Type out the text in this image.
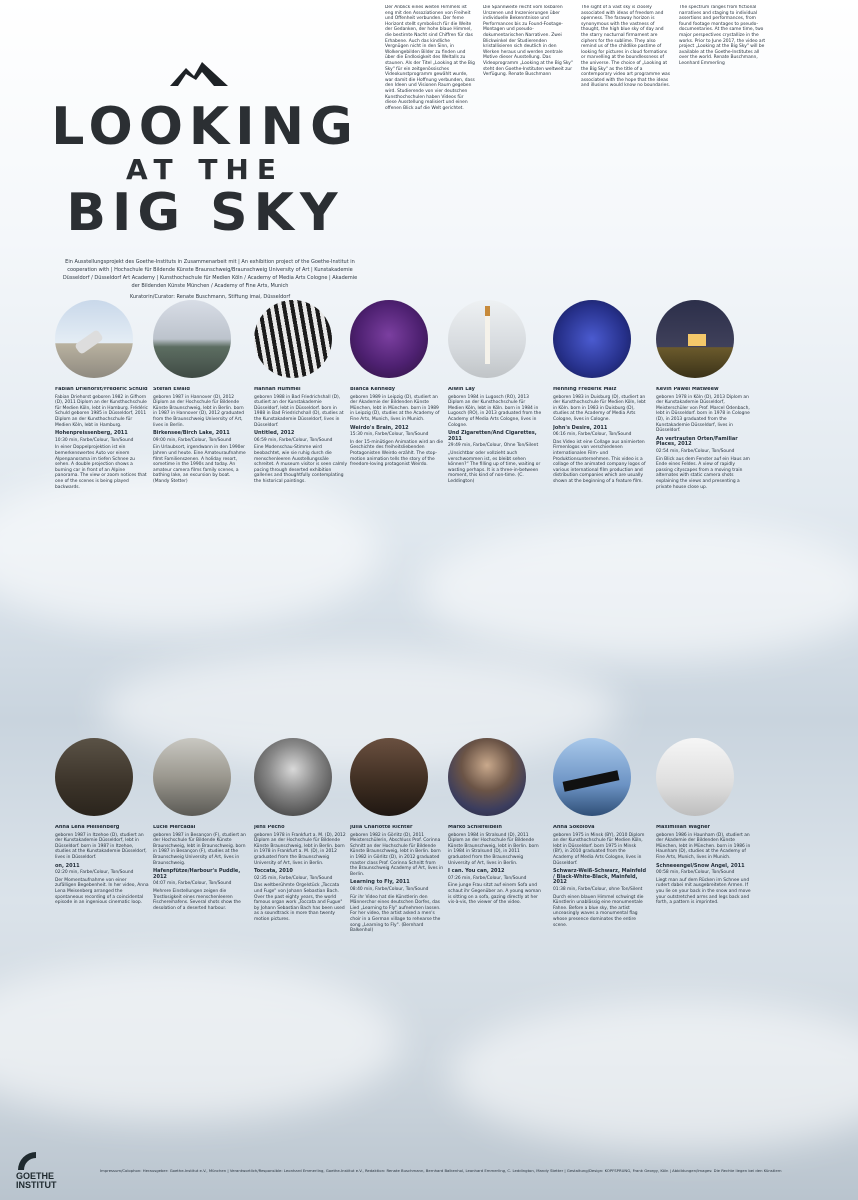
LOOKING
AT THE
BIG SKY

Ein Ausstellungsprojekt des Goethe-Instituts in Zusammenarbeit mit | An exhibition project of the Goethe-Institut in cooperation with | Hochschule für Bildende Künste Braunschweig/Braunschweig University of Art | Kunstakademie Düsseldorf / Düsseldorf Art Academy | Kunsthochschule für Medien Köln / Academy of Media Arts Cologne | Akademie der Bildenden Künste München / Academy of Fine Arts, Munich

Kuratorin/Curator: Renate Buschmann, Stiftung imai, Düsseldorf

Der Anblick eines weiten Himmels ist eng mit den Assoziationen von Freiheit und Offenheit verbunden. Der ferne Horizont stellt symbolisch für die Weite der Gedanken, der hohe blaue Himmel, die bestirnte Nacht sind Chiffren für das Erhabene. Auch das kindliche Vergnügen nicht in den Sinn, in Wolkengebilden Bilder zu finden und über die Endlosigkeit des Weltalls zu staunen. Als der Titel „Looking at the Big Sky" für ein zeitgenössisches Videokunstprogramm gewählt wurde, war damit die Hoffnung verbunden, dass den Ideen und Visionen Raum gegeben wird. Studierende von vier deutschen Kunsthochschulen haben Videos für diese Ausstellung realisiert und einen offenen Blick auf die Welt gerichtet.

Die Spannweite reicht vom lösbaren Urszenen und Inszenierungen über individuelle Bekenntnisse und Performances bis zu Found-Footage-Montagen und pseudo-dokumentarischen Narrativen. Zwei Blickwinkel der Studierenden kristallisieren sich deutlich in den Werken heraus und werden zentrale Motive dieser Ausstellung. Das Videoprogramm „Looking at the Big Sky" steht den Goethe-Instituten weltweit zur Verfügung. Renate Buschmann

The sight of a vast sky is closely associated with ideas of freedom and openness. The faraway horizon is synonymous with the vastness of thought, the high blue sky of day and the starry nocturnal firmament are ciphers for the sublime. They also remind us of the childlike pastime of looking for pictures in cloud formations or marvelling at the boundlessness of the universe. The choice of „Looking at the Big Sky" as the title of a contemporary video art programme was associated with the hope that the ideas and illusions would know no boundaries.

The spectrum ranges from fictional narratives and staging to individual assertions and performances, from found footage montages to pseudo-documentaries. At the same time, two major perspectives crystallize in the works. Prior to June 2017, the video art project „Looking at the Big Sky" will be available at the Goethe-Institutes all over the world. Renate Buschmann, Leonhard Emmerling

Fabian Driehorst/Frédéric Schuld

Fabian Driehorst geboren 1982 in Gifhorn (D), 2011 Diplom an der Kunsthochschule für Medien Köln, lebt in Hamburg. Frédéric Schuld geboren 1985 in Düsseldorf, 2011 Diplom an der Kunsthochschule für Medien Köln, lebt in Hamburg.

Hohenpreissenberg, 2011
10:30 min, Farbe/Colour, Ton/Sound

In einer Doppelprojektion ist ein bemerkenswertes Auto vor einem Alpenpanorama im tiefen Schnee zu sehen. A double projection shows a burning car in front of an Alpine panorama. The view or zoom notices that one of the scenes is being played backwards.

Stefan Ewald

geboren 1987 in Hannover (D), 2012 Diplom an der Hochschule für Bildende Künste Braunschweig, lebt in Berlin. born in 1987 in Hannover (D), 2012 graduated from the Braunschweig University of Art, lives in Berlin.

Birkensee/Birch Lake, 2011
09:00 min, Farbe/Colour, Ton/Sound

Ein Urlaubsort, irgendwann in den 1990er Jahren und heute. Eine Amateuraufnahme filmt Familienszenen. A holiday resort, sometime in the 1990s and today. An amateur camera films family scenes, a bathing lake, an excursion by boat. (Mandy Stetter)

Hannah Hummel

geboren 1988 in Bad Friedrichshall (D), studiert an der Kunstakademie Düsseldorf, lebt in Düsseldorf. born in 1988 in Bad Friedrichshall (D), studies at the Kunstakademie Düsseldorf, lives in Düsseldorf.

Untitled, 2012
06:59 min, Farbe/Colour, Ton/Sound

Eine Modenschau-Stimme wird beobachtet, wie sie ruhig durch die menschenleeren Ausstellungssäle schreitet. A museum visitor is seen calmly pacing through deserted exhibition galleries and thoughtfully contemplating the historical paintings.

Bianca Kennedy

geboren 1989 in Leipzig (D), studiert an der Akademie der Bildenden Künste München, lebt in München. born in 1989 in Leipzig (D), studies at the Academy of Fine Arts, Munich, lives in Munich.

Weirdo's Brain, 2012
15:30 min, Farbe/Colour, Ton/Sound

In der 15-minütigen Animation wird an die Geschichte des freiheitsliebenden Protagonisten Weirdo erzählt. The stop-motion animation tells the story of the freedom-loving protagonist Weirdo.

Alwin Lay

geboren 1984 in Lugosch (RO), 2013 Diplom an der Kunsthochschule für Medien Köln, lebt in Köln. born in 1984 in Lugosch (RO), in 2013 graduated from the Academy of Media Arts Cologne, lives in Cologne.

Und Zigaretten/And Cigarettes, 2011
29:49 min, Farbe/Colour, Ohne Ton/Silent

„Unsichtbar oder vollzieht auch verschwommen ist, es bleibt sehen können?“ The filling up of time, waiting or wasting perhaps. It is a three-in-between moment, this kind of non-time. (C. Leddington)

Henning Frederik Malz

geboren 1983 in Duisburg (D), studiert an der Kunsthochschule für Medien Köln, lebt in Köln. born in 1983 in Duisburg (D), studies at the Academy of Media Arts Cologne, lives in Cologne.

John's Desire, 2011
06:16 min, Farbe/Colour, Ton/Sound

Das Video ist eine Collage aus animierten Firmenlogos von verschiedenen internationalen Film- und Produktionsunternehmen. This video is a collage of the animated company logos of various international film production and distribution companies which are usually shown at the beginning of a feature film.

Kevin Pawel Matweew

geboren 1978 in Köln (D), 2013 Diplom an der Kunstakademie Düsseldorf, Meisterschüler von Prof. Marcel Odenbach, lebt in Düsseldorf. born in 1978 in Cologne (D), in 2013 graduated from the Kunstakademie Düsseldorf, lives in Düsseldorf.

An vertrauten Orten/Familiar Places, 2012
02:54 min, Farbe/Colour, Ton/Sound

Ein Blick aus dem Fenster auf ein Haus am Ende eines Feldes. A view of rapidly passing cityscapes from a moving train alternates with static camera shots explaining the views and presenting a private house close up.

Anna Lena Meisenberg

geboren 1987 in Itzehoe (D), studiert an der Kunstakademie Düsseldorf, lebt in Düsseldorf. born in 1987 in Itzehoe, studies at the Kunstakademie Düsseldorf, lives in Düsseldorf.

on, 2011
02:20 min, Farbe/Colour, Ton/Sound

Der Momentaufnahme von einer zufälligen Begebenheit. In her video, Anna Lena Meisenberg arranged the spontaneous recording of a coincidental episode in an ingenious cinematic loop.

Lucie Mercadal

geboren 1987 in Besançon (F), studiert an der Hochschule für Bildende Künste Braunschweig, lebt in Braunschweig. born in 1987 in Besançon (F), studies at the Braunschweig University of Art, lives in Braunschweig.

Hafenpfütze/Harbour's Puddle, 2012
04:07 min, Farbe/Colour, Ton/Sound

Mehrere Einstellungen zeigen die Trostlosigkeit eines menschenleeren Fischereihafens. Several shots show the desolation of a deserted harbour.

Jens Pecho

geboren 1978 in Frankfurt a. M. (D), 2012 Diplom an der Hochschule für Bildende Künste Braunschweig, lebt in Berlin. born in 1978 in Frankfurt a. M. (D), in 2012 graduated from the Braunschweig University of Art, lives in Berlin.

Toccata, 2010
02:35 min, Farbe/Colour, Ton/Sound

Das weltberühmte Orgelstück „Toccata und Fuge" von Johann Sebastian Bach. Over the past eighty years, the world famous organ work „Toccata and Fugue" by Johann Sebastian Bach has been used as a soundtrack in more than twenty motion pictures.

Julia Charlotte Richter

geboren 1982 in Görlitz (D), 2011 Meisterschülerin, Abschluss Prof. Corinna Schnitt an der Hochschule für Bildende Künste Braunschweig, lebt in Berlin. born in 1982 in Görlitz (D), in 2012 graduated master class Prof. Corinna Schnitt from the Braunschweig Academy of Art, lives in Berlin.

Learning to Fly, 2011
08:40 min, Farbe/Colour, Ton/Sound

Für ihr Video hat die Künstlerin den Männerchor eines deutschen Dorfes, das Lied „Learning to Fly" aufnehmen lassen. For her video, the artist asked a men's choir in a German village to rehearse the song „Learning to Fly". (Bernhard Balkenhol)

Marko Schiefelbein

geboren 1984 in Stralsund (D), 2011 Diplom an der Hochschule für Bildende Künste Braunschweig, lebt in Berlin. born in 1984 in Stralsund (D), in 2011 graduated from the Braunschweig University of Art, lives in Berlin.

I can. You can, 2012
07:26 min, Farbe/Colour, Ton/Sound

Eine junge Frau sitzt auf einem Sofa und schaut ihr Gegenüber an. A young woman is sitting on a sofa, gazing directly at her vis-à-vis, the viewer of the video.

Anna Sokolova

geboren 1975 in Minsk (BY), 2010 Diplom an der Kunsthochschule für Medien Köln, lebt in Düsseldorf. born 1975 in Minsk (BY), in 2010 graduated from the Academy of Media Arts Cologne, lives in Düsseldorf.

Schwarz-Weiß-Schwarz, Mainfeld / Black-White-Black, Mainfeld, 2012
01:38 min, Farbe/Colour, ohne Ton/Silent

Durch einen blauen Himmel schwingt die Künstlerin unablässig eine monumentale Fahne. Before a blue sky, the artist unceasingly waves a monumental flag whose presence dominates the entire scene.

Maximilian Wagner

geboren 1986 in Haunham (D), studiert an der Akademie der Bildenden Künste München, lebt in München. born in 1986 in Haunham (D), studies at the Academy of Fine Arts, Munich, lives in Munich.

Schneeengel/Snow Angel, 2011
00:58 min, Farbe/Colour, Ton/Sound

Liegt man auf dem Rücken im Schnee und rudert dabei mit ausgebreiteten Armen. If you lie on your back in the snow and move your outstretched arms and legs back and forth, a pattern is imprinted.

GOETHE
INSTITUT

Impressum/Colophon: Herausgeber: Goethe-Institut e.V., München | Verantwortlich/Responsible: Leonhard Emmerling, Goethe-Institut e.V., Redaktion: Renate Buschmann, Bernhard Balkenhol, Leonhard Emmerling, C. Leddington, Mandy Stetter | Gestaltung/Design: KOPFSPRUNG, Frank Georgy, Köln | Abbildungen/Images: Die Rechte liegen bei den Künstlern
